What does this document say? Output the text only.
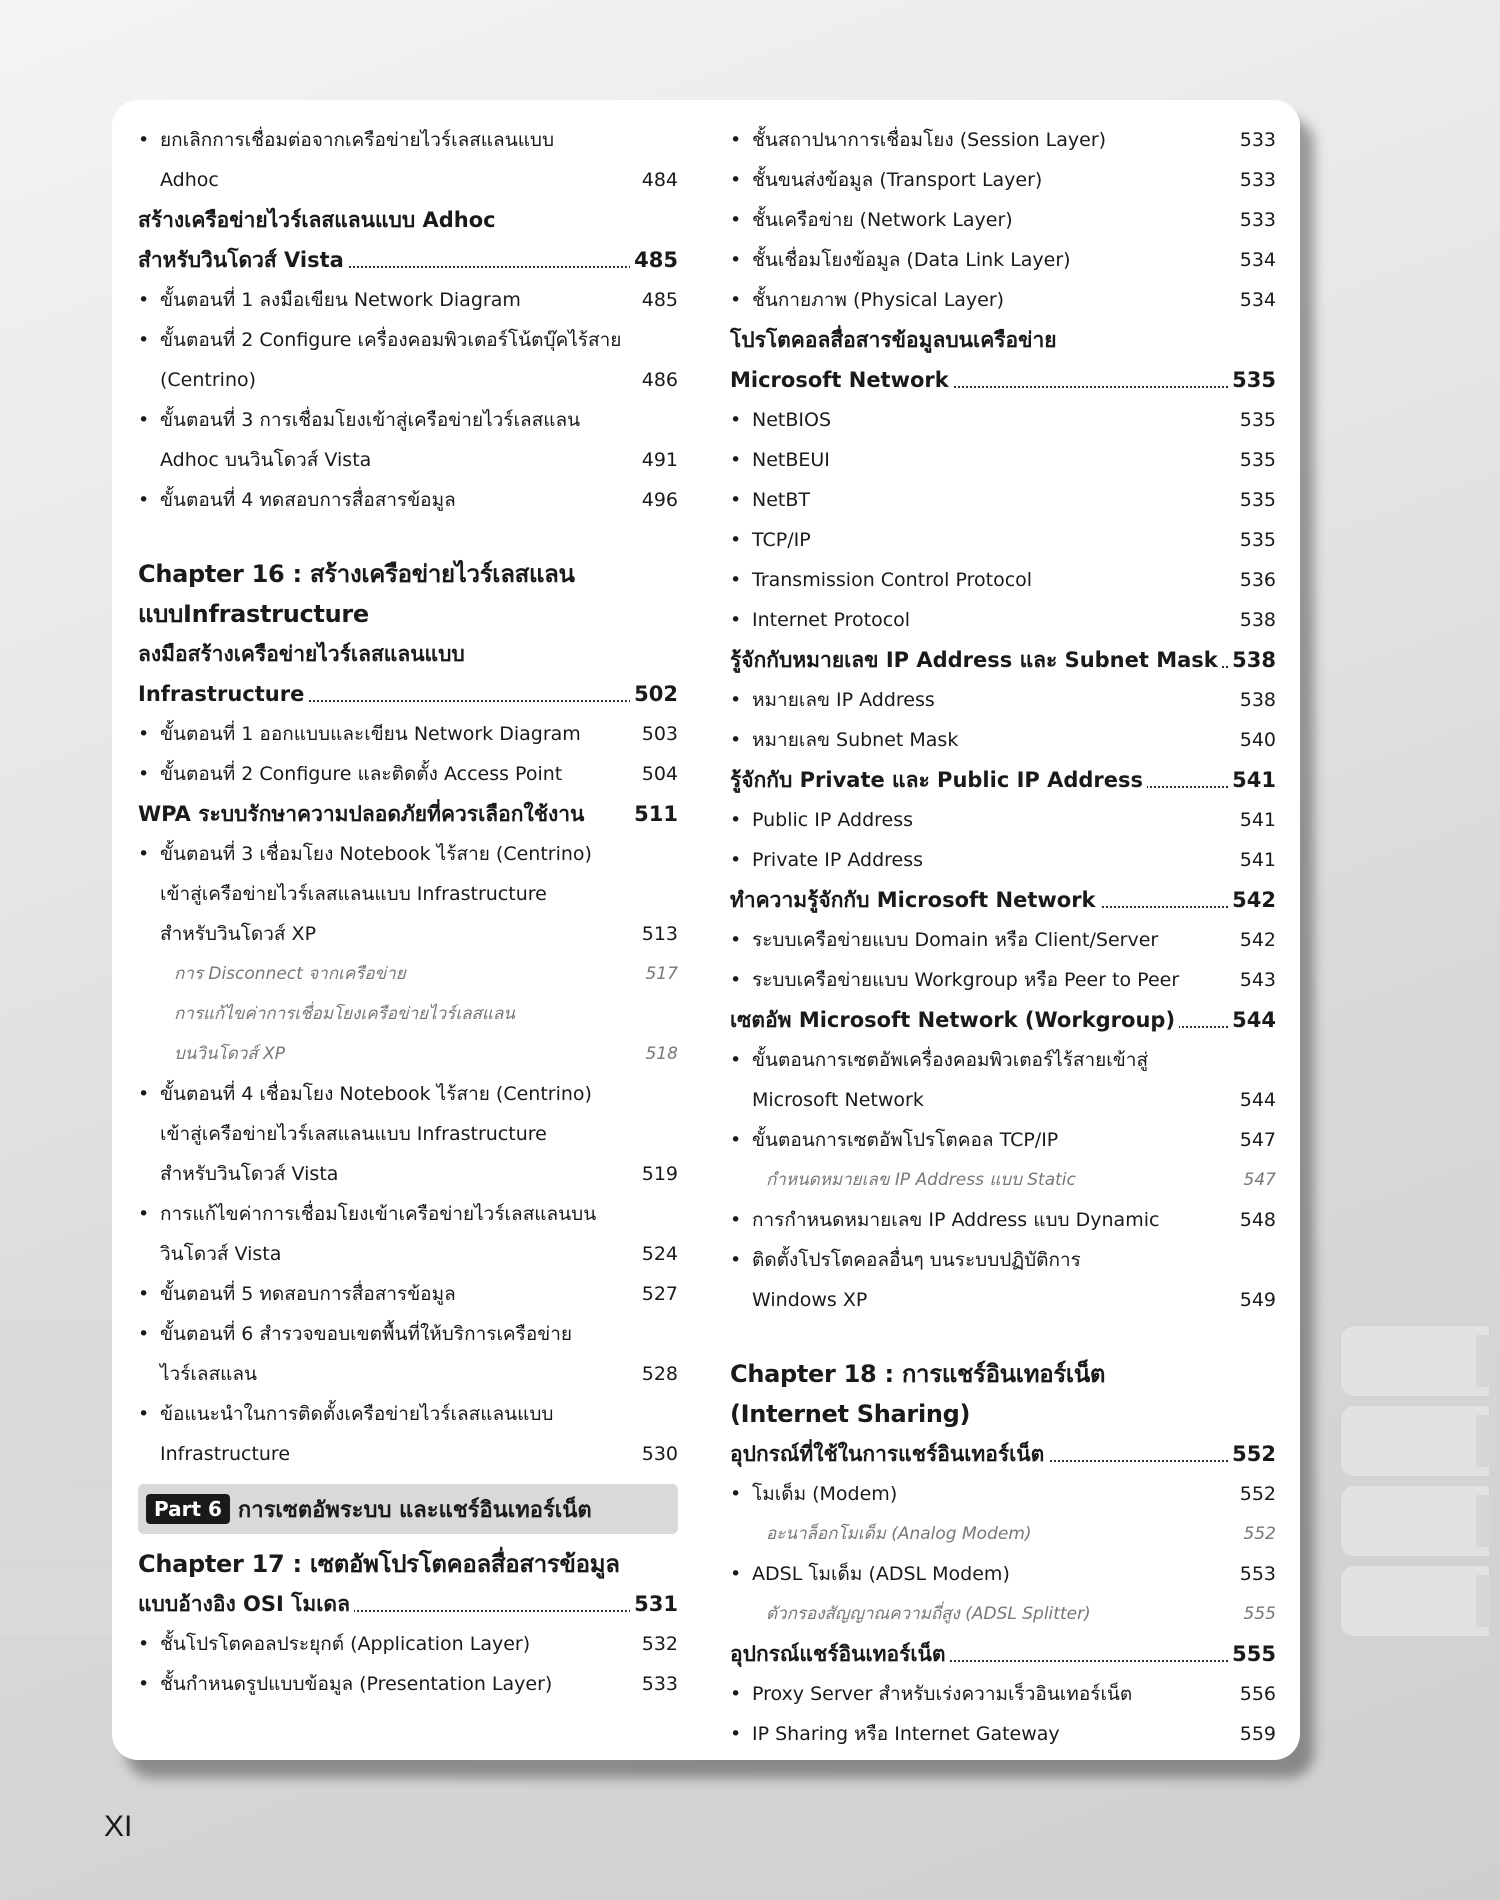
• ยกเลิกการเชื่อมต่อจากเครือข่ายไวร์เลสแลนแบบ
Adhoc	484
สร้างเครือข่ายไวร์เลสแลนแบบ Adhoc
สำหรับวินโดวส์ Vista	485
• ขั้นตอนที่ 1 ลงมือเขียน Network Diagram	485
• ขั้นตอนที่ 2 Configure เครื่องคอมพิวเตอร์โน้ตบุ๊คไร้สาย
(Centrino)	486
• ขั้นตอนที่ 3 การเชื่อมโยงเข้าสู่เครือข่ายไวร์เลสแลน
Adhoc บนวินโดวส์ Vista	491
• ขั้นตอนที่ 4 ทดสอบการสื่อสารข้อมูล	496
Chapter 16 : สร้างเครือข่ายไวร์เลสแลน
แบบInfrastructure
ลงมือสร้างเครือข่ายไวร์เลสแลนแบบ
Infrastructure	502
• ขั้นตอนที่ 1 ออกแบบและเขียน Network Diagram	503
• ขั้นตอนที่ 2 Configure และติดตั้ง Access Point	504
WPA ระบบรักษาความปลอดภัยที่ควรเลือกใช้งาน 511
• ขั้นตอนที่ 3 เชื่อมโยง Notebook ไร้สาย (Centrino)
เข้าสู่เครือข่ายไวร์เลสแลนแบบ Infrastructure
สำหรับวินโดวส์ XP	513
การ Disconnect จากเครือข่าย	517
การแก้ไขค่าการเชื่อมโยงเครือข่ายไวร์เลสแลน
บนวินโดวส์ XP	518
• ขั้นตอนที่ 4 เชื่อมโยง Notebook ไร้สาย (Centrino)
เข้าสู่เครือข่ายไวร์เลสแลนแบบ Infrastructure
สำหรับวินโดวส์ Vista	519
• การแก้ไขค่าการเชื่อมโยงเข้าเครือข่ายไวร์เลสแลนบน
วินโดวส์ Vista	524
• ขั้นตอนที่ 5 ทดสอบการสื่อสารข้อมูล	527
• ขั้นตอนที่ 6 สำรวจขอบเขตพื้นที่ให้บริการเครือข่าย
ไวร์เลสแลน	528
• ข้อแนะนำในการติดตั้งเครือข่ายไวร์เลสแลนแบบ
Infrastructure	530
Part 6 การเซตอัพระบบ และแชร์อินเทอร์เน็ต
Chapter 17 : เซตอัพโปรโตคอลสื่อสารข้อมูล
แบบอ้างอิง OSI โมเดล	531
• ชั้นโปรโตคอลประยุกต์ (Application Layer)	532
• ชั้นกำหนดรูปแบบข้อมูล (Presentation Layer)	533
• ชั้นสถาปนาการเชื่อมโยง (Session Layer)	533
• ชั้นขนส่งข้อมูล (Transport Layer)	533
• ชั้นเครือข่าย (Network Layer)	533
• ชั้นเชื่อมโยงข้อมูล (Data Link Layer)	534
• ชั้นกายภาพ (Physical Layer)	534
โปรโตคอลสื่อสารข้อมูลบนเครือข่าย
Microsoft Network	535
• NetBIOS	535
• NetBEUI	535
• NetBT	535
• TCP/IP	535
• Transmission Control Protocol	536
• Internet Protocol	538
รู้จักกับหมายเลข IP Address และ Subnet Mask 538
• หมายเลข IP Address	538
• หมายเลข Subnet Mask	540
รู้จักกับ Private และ Public IP Address	541
• Public IP Address	541
• Private IP Address	541
ทำความรู้จักกับ Microsoft Network	542
• ระบบเครือข่ายแบบ Domain หรือ Client/Server	542
• ระบบเครือข่ายแบบ Workgroup หรือ Peer to Peer	543
เซตอัพ Microsoft Network (Workgroup)	544
• ขั้นตอนการเซตอัพเครื่องคอมพิวเตอร์ไร้สายเข้าสู่
Microsoft Network	544
• ขั้นตอนการเซตอัพโปรโตคอล TCP/IP	547
กำหนดหมายเลข IP Address แบบ Static	547
• การกำหนดหมายเลข IP Address แบบ Dynamic	548
• ติดตั้งโปรโตคอลอื่นๆ บนระบบปฏิบัติการ
Windows XP	549
Chapter 18 : การแชร์อินเทอร์เน็ต
(Internet Sharing)
อุปกรณ์ที่ใช้ในการแชร์อินเทอร์เน็ต	552
• โมเด็ม (Modem)	552
อะนาล็อกโมเด็ม (Analog Modem)	552
• ADSL โมเด็ม (ADSL Modem)	553
ตัวกรองสัญญาณความถี่สูง (ADSL Splitter)	555
อุปกรณ์แชร์อินเทอร์เน็ต	555
• Proxy Server สำหรับเร่งความเร็วอินเทอร์เน็ต	556
• IP Sharing หรือ Internet Gateway	559
XI
